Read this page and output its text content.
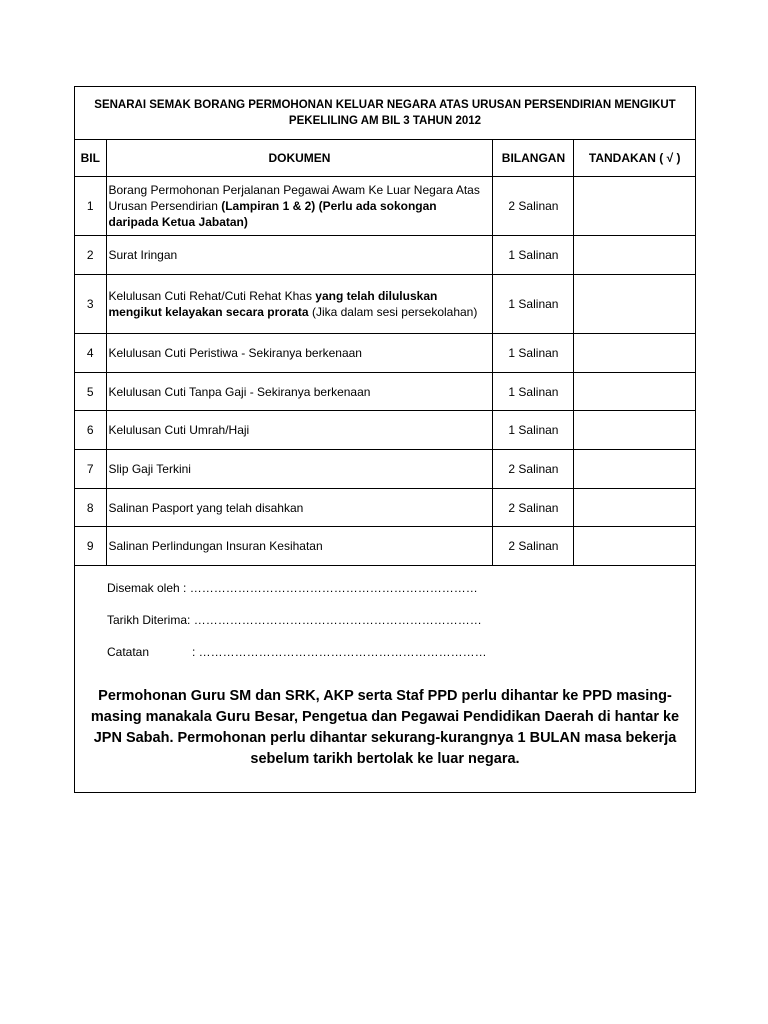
SENARAI SEMAK BORANG PERMOHONAN KELUAR NEGARA ATAS URUSAN PERSENDIRIAN MENGIKUT
PEKELILING AM BIL 3 TAHUN 2012			
BIL	DOKUMEN	BILANGAN	TANDAKAN ( √ )
1	Borang Permohonan Perjalanan Pegawai Awam Ke Luar Negara Atas Urusan Persendirian (Lampiran 1 & 2) (Perlu ada sokongan daripada Ketua Jabatan)	2 Salinan	
2	Surat Iringan	1 Salinan	
3	Kelulusan Cuti Rehat/Cuti Rehat Khas yang telah diluluskan mengikut kelayakan secara prorata (Jika dalam sesi persekolahan)	1 Salinan	
4	Kelulusan Cuti Peristiwa - Sekiranya berkenaan	1 Salinan	
5	Kelulusan Cuti Tanpa Gaji - Sekiranya berkenaan	1 Salinan	
6	Kelulusan Cuti Umrah/Haji	1 Salinan	
7	Slip Gaji Terkini	2 Salinan	
8	Salinan Pasport yang telah disahkan	2 Salinan	
9	Salinan Perlindungan Insuran Kesihatan	2 Salinan	
Disemak oleh : ………………………………………………………………
Tarikh Diterima: ………………………………………………………………
Catatan	: ………………………………………………………………
Permohonan Guru SM dan SRK, AKP serta Staf PPD perlu dihantar ke PPD masing-masing manakala Guru Besar, Pengetua dan Pegawai Pendidikan Daerah di hantar ke JPN Sabah. Permohonan perlu dihantar sekurang-kurangnya 1 BULAN masa bekerja sebelum tarikh bertolak ke luar negara.
